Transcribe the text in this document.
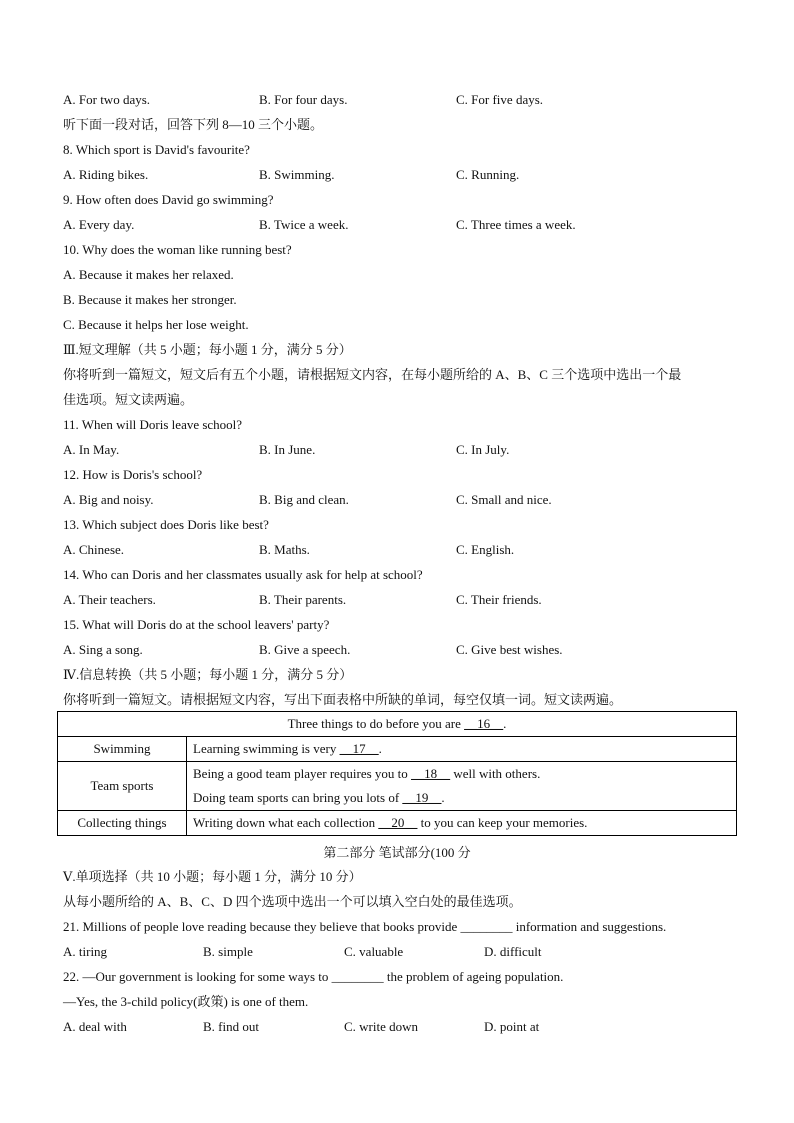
A. For two days.	B. For four days.	C. For five days.
听下面一段对话，回答下列 8—10 三个小题。
8. Which sport is David's favourite?
A. Riding bikes.	B. Swimming.	C. Running.
9. How often does David go swimming?
A. Every day.	B. Twice a week.	C. Three times a week.
10. Why does the woman like running best?
A. Because it makes her relaxed.
B. Because it makes her stronger.
C. Because it helps her lose weight.
Ⅲ.短文理解（共 5 小题；每小题 1 分，满分 5 分）
你将听到一篇短文，短文后有五个小题，请根据短文内容，在每小题所给的 A、B、C 三个选项中选出一个最
佳选项。短文读两遍。
11. When will Doris leave school?
A. In May.	B. In June.	C. In July.
12. How is Doris's school?
A. Big and noisy.	B. Big and clean.	C. Small and nice.
13. Which subject does Doris like best?
A. Chinese.	B. Maths.	C. English.
14. Who can Doris and her classmates usually ask for help at school?
A. Their teachers.	B. Their parents.	C. Their friends.
15. What will Doris do at the school leavers' party?
A. Sing a song.	B. Give a speech.	C. Give best wishes.
Ⅳ.信息转换（共 5 小题；每小题 1 分，满分 5 分）
你将听到一篇短文。请根据短文内容，写出下面表格中所缺的单词，每空仅填一词。短文读两遍。
Three things to do before you are __16__.	
Swimming	Learning swimming is very __17__.
Team sports	Being a good team player requires you to __18__ well with others.
Doing team sports can bring you lots of __19__.

Collecting things	Writing down what each collection __20__ to you can keep your memories.
第二部分 笔试部分(100 分
Ⅴ.单项选择（共 10 小题；每小题 1 分，满分 10 分）
从每小题所给的 A、B、C、D 四个选项中选出一个可以填入空白处的最佳选项。
21. Millions of people love reading because they believe that books provide ________ information and suggestions.
A. tiring	B. simple	C. valuable	D. difficult
22. —Our government is looking for some ways to ________ the problem of ageing population.
—Yes, the 3-child policy(政策) is one of them.
A. deal with	B. find out	C. write down	D. point at
